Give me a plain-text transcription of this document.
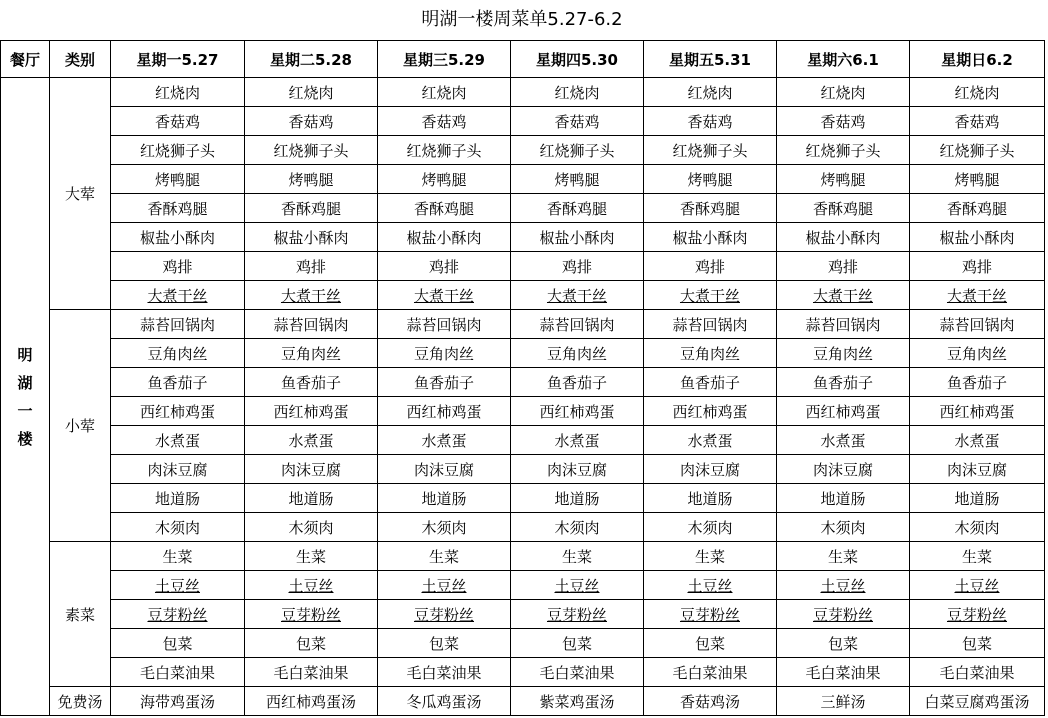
明湖一楼周菜单5.27-6.2
餐厅	类别	星期一5.27	星期二5.28	星期三5.29	星期四5.30	星期五5.31	星期六6.1	星期日6.2

明湖一楼	大荤	红烧肉	红烧肉	红烧肉	红烧肉	红烧肉	红烧肉	红烧肉
		香菇鸡	香菇鸡	香菇鸡	香菇鸡	香菇鸡	香菇鸡	香菇鸡
		红烧狮子头	红烧狮子头	红烧狮子头	红烧狮子头	红烧狮子头	红烧狮子头	红烧狮子头
		烤鸭腿	烤鸭腿	烤鸭腿	烤鸭腿	烤鸭腿	烤鸭腿	烤鸭腿
		香酥鸡腿	香酥鸡腿	香酥鸡腿	香酥鸡腿	香酥鸡腿	香酥鸡腿	香酥鸡腿
		椒盐小酥肉	椒盐小酥肉	椒盐小酥肉	椒盐小酥肉	椒盐小酥肉	椒盐小酥肉	椒盐小酥肉
		鸡排	鸡排	鸡排	鸡排	鸡排	鸡排	鸡排
		大煮干丝	大煮干丝	大煮干丝	大煮干丝	大煮干丝	大煮干丝	大煮干丝
	小荤	蒜苔回锅肉	蒜苔回锅肉	蒜苔回锅肉	蒜苔回锅肉	蒜苔回锅肉	蒜苔回锅肉	蒜苔回锅肉
		豆角肉丝	豆角肉丝	豆角肉丝	豆角肉丝	豆角肉丝	豆角肉丝	豆角肉丝
		鱼香茄子	鱼香茄子	鱼香茄子	鱼香茄子	鱼香茄子	鱼香茄子	鱼香茄子
		西红柿鸡蛋	西红柿鸡蛋	西红柿鸡蛋	西红柿鸡蛋	西红柿鸡蛋	西红柿鸡蛋	西红柿鸡蛋
		水煮蛋	水煮蛋	水煮蛋	水煮蛋	水煮蛋	水煮蛋	水煮蛋
		肉沫豆腐	肉沫豆腐	肉沫豆腐	肉沫豆腐	肉沫豆腐	肉沫豆腐	肉沫豆腐
		地道肠	地道肠	地道肠	地道肠	地道肠	地道肠	地道肠
		木须肉	木须肉	木须肉	木须肉	木须肉	木须肉	木须肉
	素菜	生菜	生菜	生菜	生菜	生菜	生菜	生菜
		土豆丝	土豆丝	土豆丝	土豆丝	土豆丝	土豆丝	土豆丝
		豆芽粉丝	豆芽粉丝	豆芽粉丝	豆芽粉丝	豆芽粉丝	豆芽粉丝	豆芽粉丝
		包菜	包菜	包菜	包菜	包菜	包菜	包菜
		毛白菜油果	毛白菜油果	毛白菜油果	毛白菜油果	毛白菜油果	毛白菜油果	毛白菜油果
	免费汤	海带鸡蛋汤	西红柿鸡蛋汤	冬瓜鸡蛋汤	紫菜鸡蛋汤	香菇鸡汤	三鲜汤	白菜豆腐鸡蛋汤
